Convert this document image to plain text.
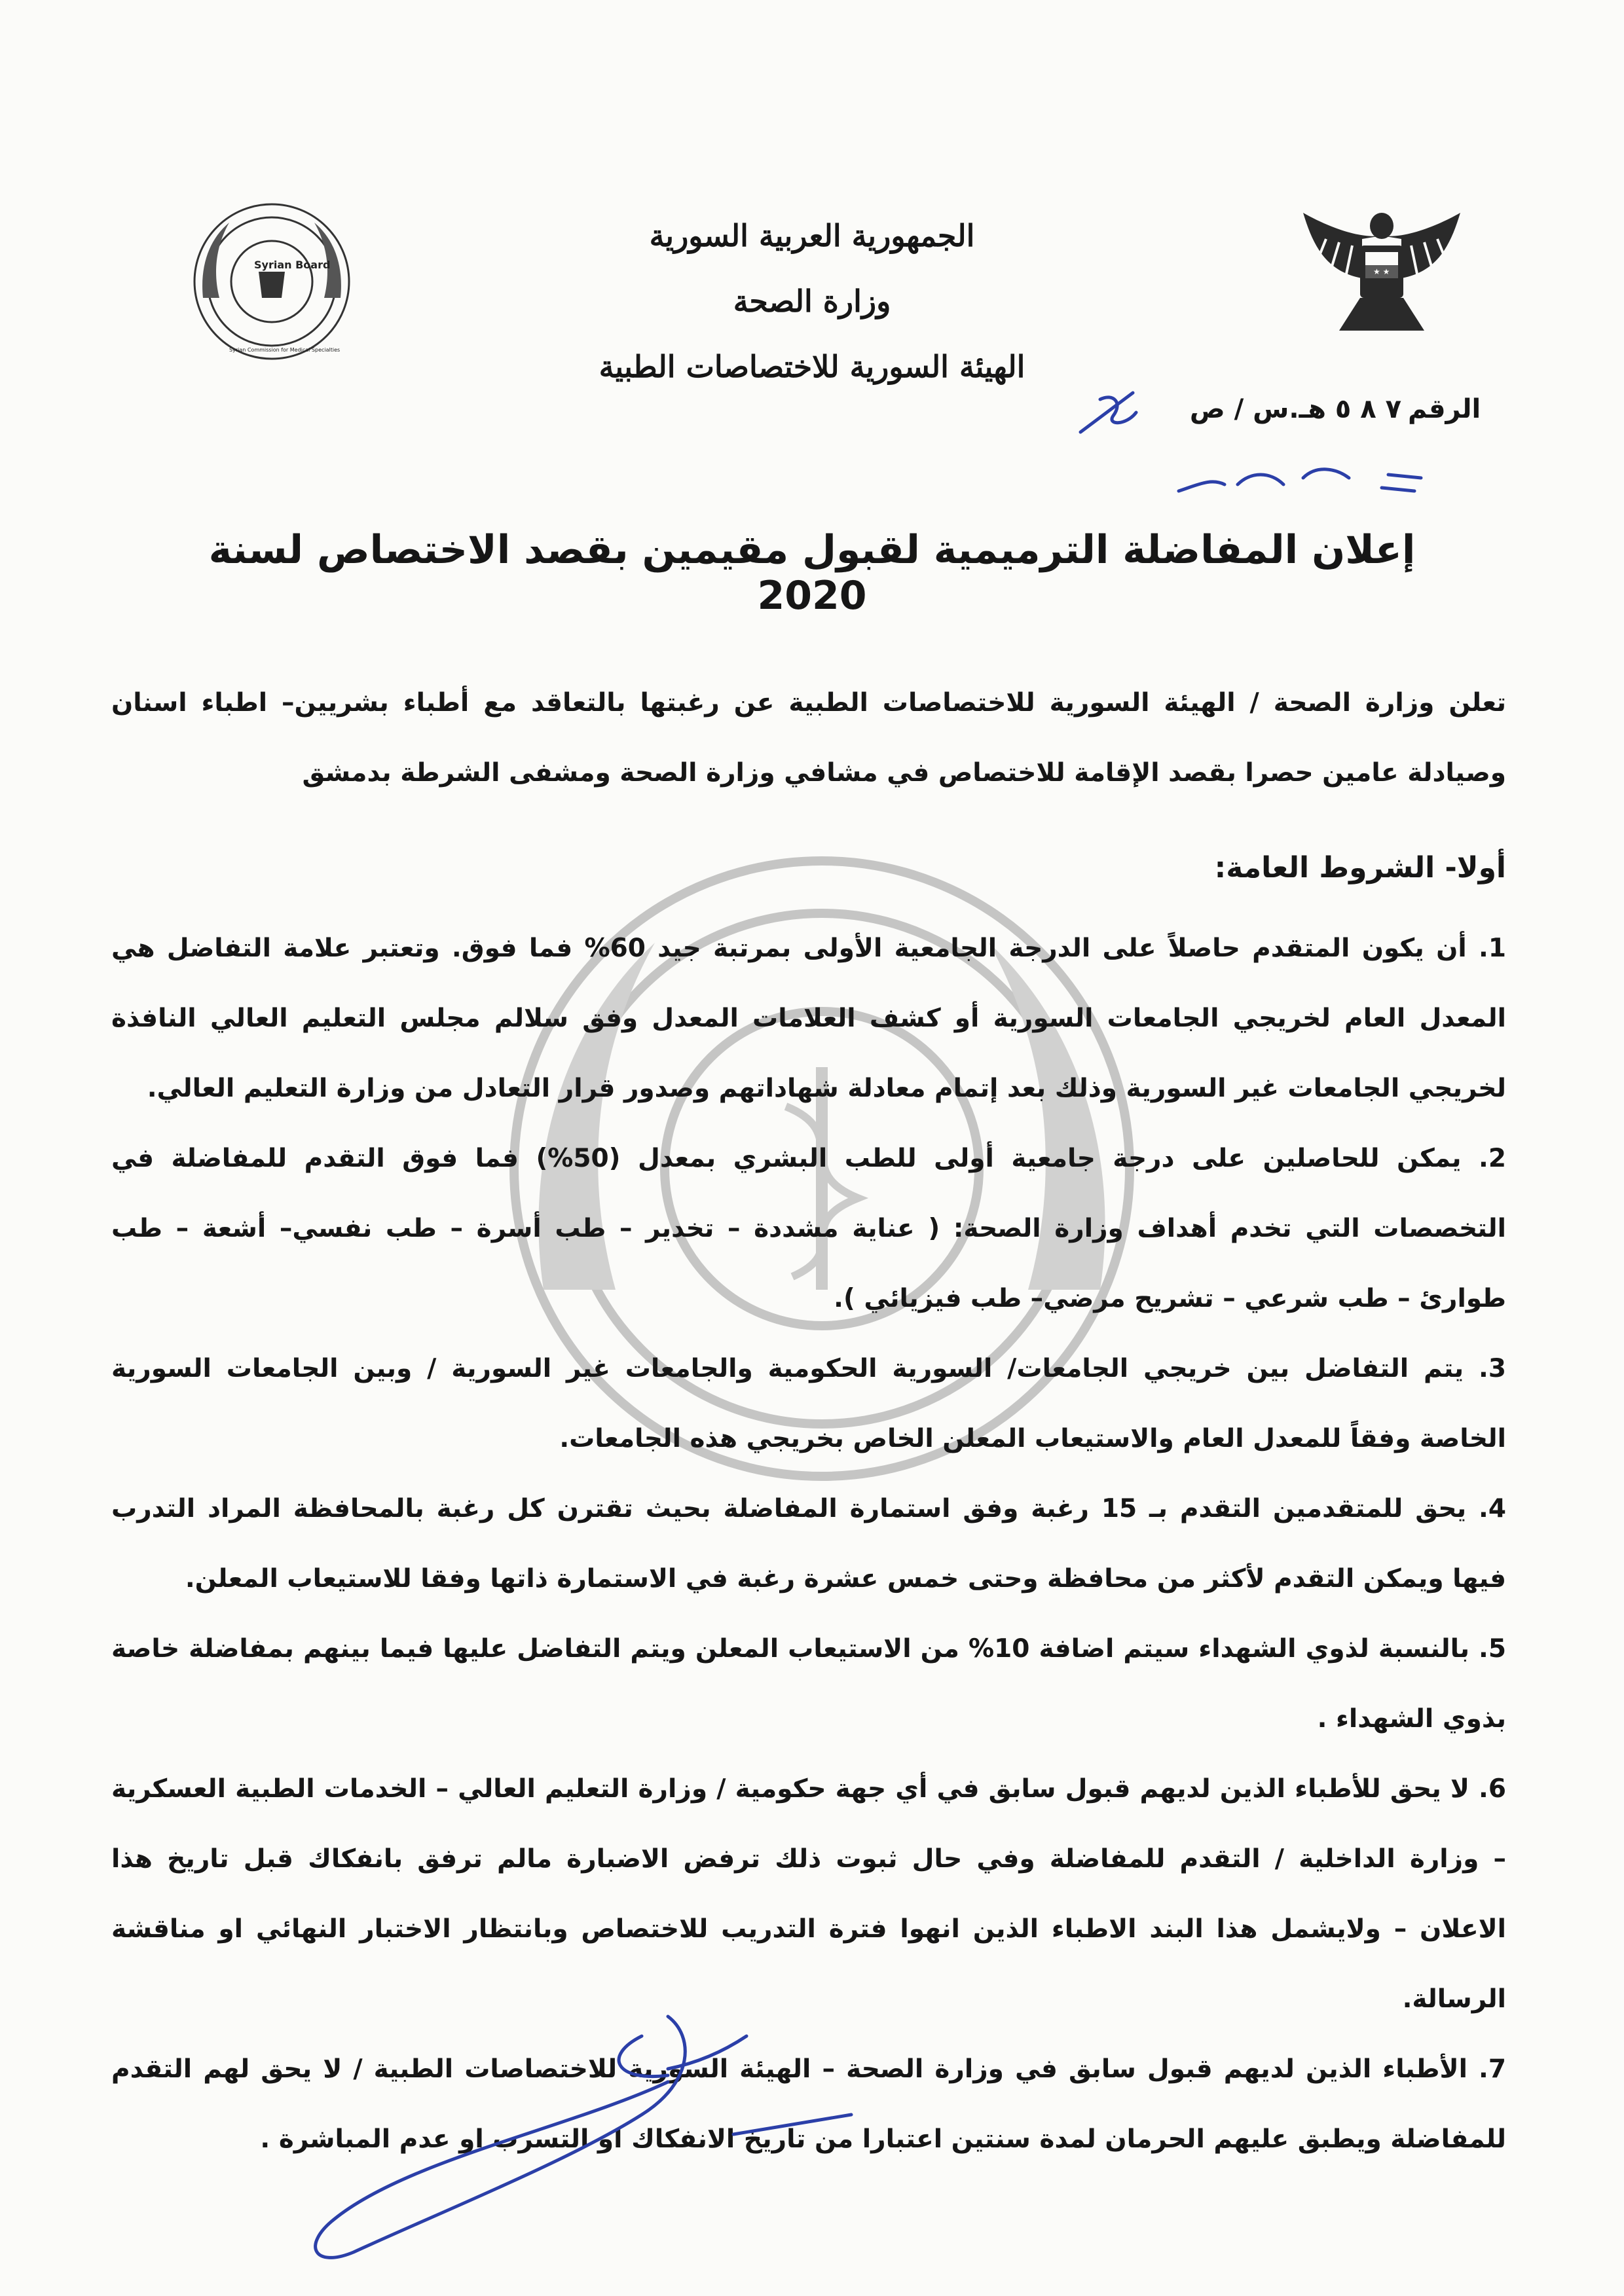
★ ★
Syrian Board
Syrian Commission for Medical Specialties
الجمهورية العربية السورية
وزارة الصحة
الهيئة السورية للاختصاصات الطبية
الرقم
٧ ٨ ٥ هـ.س / ص
إعلان المفاضلة الترميمية لقبول مقيمين بقصد الاختصاص لسنة 2020

تعلن وزارة الصحة / الهيئة السورية للاختصاصات الطبية عن رغبتها بالتعاقد مع أطباء بشريين– اطباء اسنان وصيادلة عامين حصرا بقصد الإقامة للاختصاص في مشافي وزارة الصحة ومشفى الشرطة بدمشق

أولا- الشروط العامة:

1. أن يكون المتقدم حاصلاً على الدرجة الجامعية الأولى بمرتبة جيد 60% فما فوق. وتعتبر علامة التفاضل هي المعدل العام لخريجي الجامعات السورية أو كشف العلامات المعدل وفق سلالم مجلس التعليم العالي النافذة لخريجي الجامعات غير السورية وذلك بعد إتمام معادلة شهاداتهم وصدور قرار التعادل من وزارة التعليم العالي.

2. يمكن للحاصلين على درجة جامعية أولى للطب البشري بمعدل (50%) فما فوق التقدم للمفاضلة في التخصصات التي تخدم أهداف وزارة الصحة: ( عناية مشددة – تخدير – طب أسرة – طب نفسي– أشعة – طب طوارئ – طب شرعي – تشريح مرضي– طب فيزيائي ).

3. يتم التفاضل بين خريجي الجامعات/ السورية الحكومية والجامعات غير السورية / وبين الجامعات السورية الخاصة وفقاً للمعدل العام والاستيعاب المعلن الخاص بخريجي هذه الجامعات.

4. يحق للمتقدمين التقدم بـ 15 رغبة وفق استمارة المفاضلة بحيث تقترن كل رغبة بالمحافظة المراد التدرب فيها ويمكن التقدم لأكثر من محافظة وحتى خمس عشرة رغبة في الاستمارة ذاتها وفقا للاستيعاب المعلن.

5. بالنسبة لذوي الشهداء سيتم اضافة 10% من الاستيعاب المعلن ويتم التفاضل عليها فيما بينهم بمفاضلة خاصة بذوي الشهداء .

6. لا يحق للأطباء الذين لديهم قبول سابق في أي جهة حكومية / وزارة التعليم العالي – الخدمات الطبية العسكرية – وزارة الداخلية / التقدم للمفاضلة وفي حال ثبوت ذلك ترفض الاضبارة مالم ترفق بانفكاك قبل تاريخ هذا الاعلان – ولايشمل هذا البند الاطباء الذين انهوا فترة التدريب للاختصاص وبانتظار الاختبار النهائي او مناقشة الرسالة.

7. الأطباء الذين لديهم قبول سابق في وزارة الصحة – الهيئة السورية للاختصاصات الطبية / لا يحق لهم التقدم للمفاضلة ويطبق عليهم الحرمان لمدة سنتين اعتبارا من تاريخ الانفكاك او التسرب او عدم المباشرة .
